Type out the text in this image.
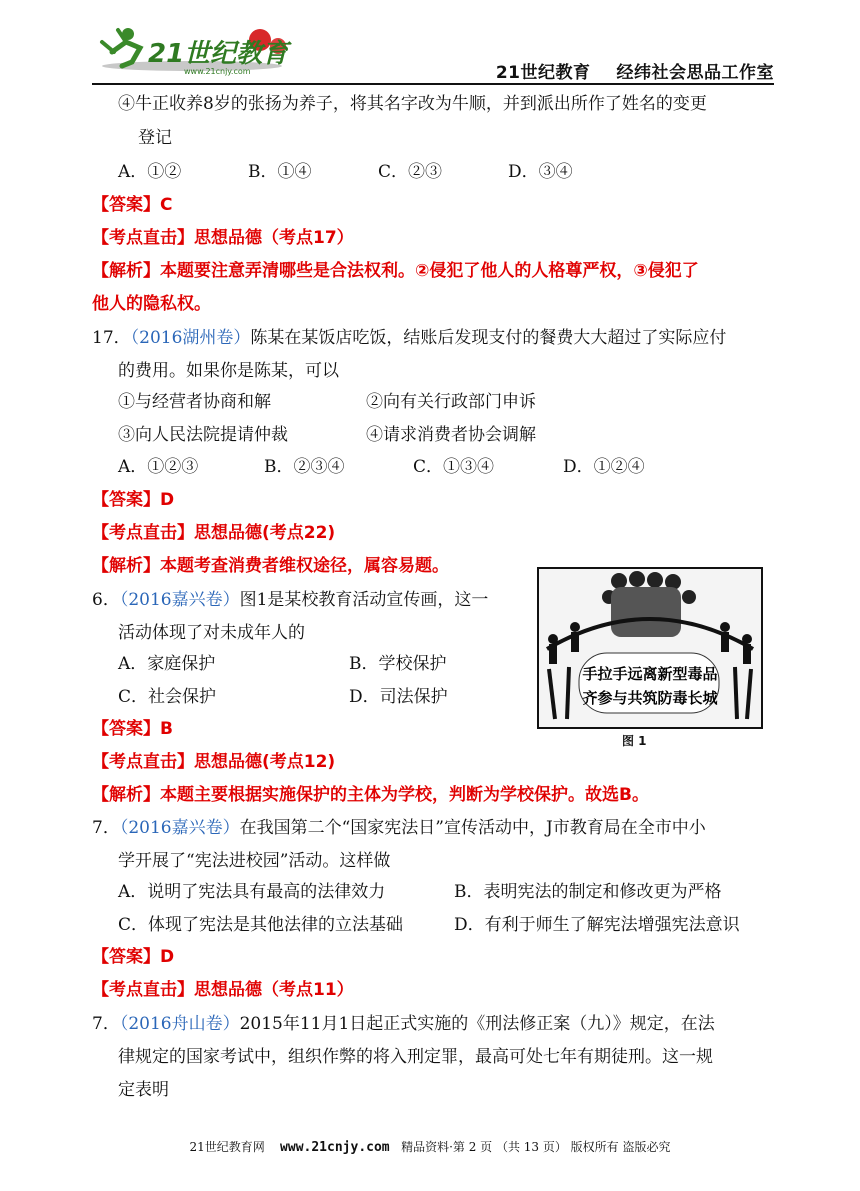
21世纪教育
www.21cnjy.com	21世纪教育 经纬社会思品工作室
④牛正收养8岁的张扬为养子，将其名字改为牛顺，并到派出所作了姓名的变更
登记
A．①②	B．①④	C．②③	D．③④
【答案】C
【考点直击】思想品德（考点17）
【解析】本题要注意弄清哪些是合法权利。②侵犯了他人的人格尊严权，③侵犯了
他人的隐私权。
17．（2016湖州卷）陈某在某饭店吃饭，结账后发现支付的餐费大大超过了实际应付
的费用。如果你是陈某，可以
①与经营者协商和解	②向有关行政部门申诉
③向人民法院提请仲裁	④请求消费者协会调解
A．①②③	B．②③④	C．①③④	D．①②④
【答案】D
【考点直击】思想品德(考点22)
【解析】本题考查消费者维权途径，属容易题。
6．（2016嘉兴卷）图1是某校教育活动宣传画，这一
活动体现了对未成年人的
A．家庭保护	B．学校保护
C．社会保护	D．司法保护
【答案】B
【考点直击】思想品德(考点12)
【解析】本题主要根据实施保护的主体为学校，判断为学校保护。故选B。
手拉手远离新型毒品
齐参与共筑防毒长城
图 1
7．（2016嘉兴卷）在我国第二个“国家宪法日”宣传活动中，J市教育局在全市中小
学开展了“宪法进校园”活动。这样做
A．说明了宪法具有最高的法律效力	B．表明宪法的制定和修改更为严格
C．体现了宪法是其他法律的立法基础	D．有利于师生了解宪法增强宪法意识
【答案】D
【考点直击】思想品德（考点11）
7．（2016舟山卷）2015年11月1日起正式实施的《刑法修正案（九）》规定，在法
律规定的国家考试中，组织作弊的将入刑定罪，最高可处七年有期徒刑。这一规
定表明
21世纪教育网 www.21cnjy.com 精品资料·第 2 页 （共 13 页） 版权所有 盗版必究
